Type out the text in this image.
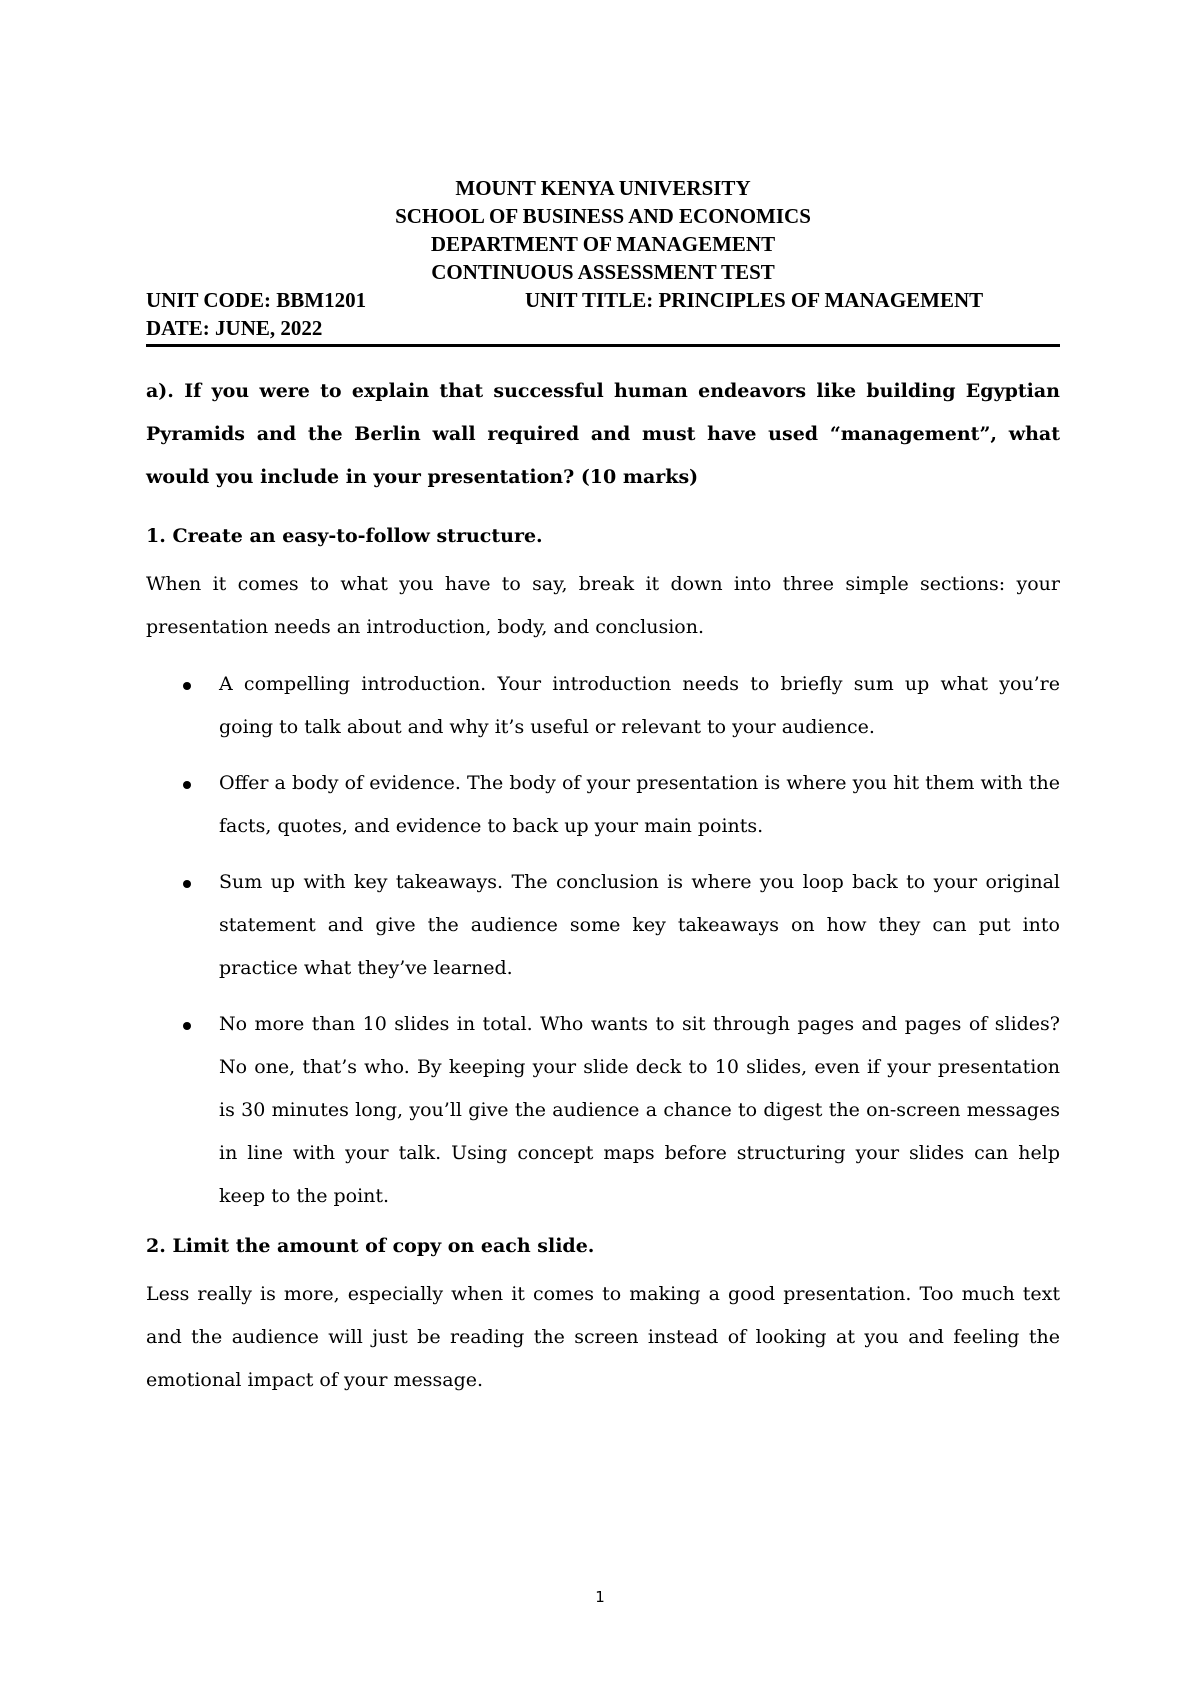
MOUNT KENYA UNIVERSITY
SCHOOL OF BUSINESS AND ECONOMICS
DEPARTMENT OF MANAGEMENT
CONTINUOUS ASSESSMENT TEST
UNIT CODE: BBM1201	UNIT TITLE: PRINCIPLES OF MANAGEMENT
DATE: JUNE, 2022

a). If you were to explain that successful human endeavors like building Egyptian Pyramids and the Berlin wall required and must have used “management”, what would you include in your presentation? (10 marks)

1. Create an easy-to-follow structure.

When it comes to what you have to say, break it down into three simple sections: your presentation needs an introduction, body, and conclusion.

A compelling introduction. Your introduction needs to briefly sum up what you’re going to talk about and why it’s useful or relevant to your audience.
Offer a body of evidence. The body of your presentation is where you hit them with the facts, quotes, and evidence to back up your main points.
Sum up with key takeaways. The conclusion is where you loop back to your original statement and give the audience some key takeaways on how they can put into practice what they’ve learned.
No more than 10 slides in total. Who wants to sit through pages and pages of slides? No one, that’s who. By keeping your slide deck to 10 slides, even if your presentation is 30 minutes long, you’ll give the audience a chance to digest the on-screen messages in line with your talk. Using concept maps before structuring your slides can help keep to the point.
2. Limit the amount of copy on each slide.

Less really is more, especially when it comes to making a good presentation. Too much text and the audience will just be reading the screen instead of looking at you and feeling the emotional impact of your message.

1
